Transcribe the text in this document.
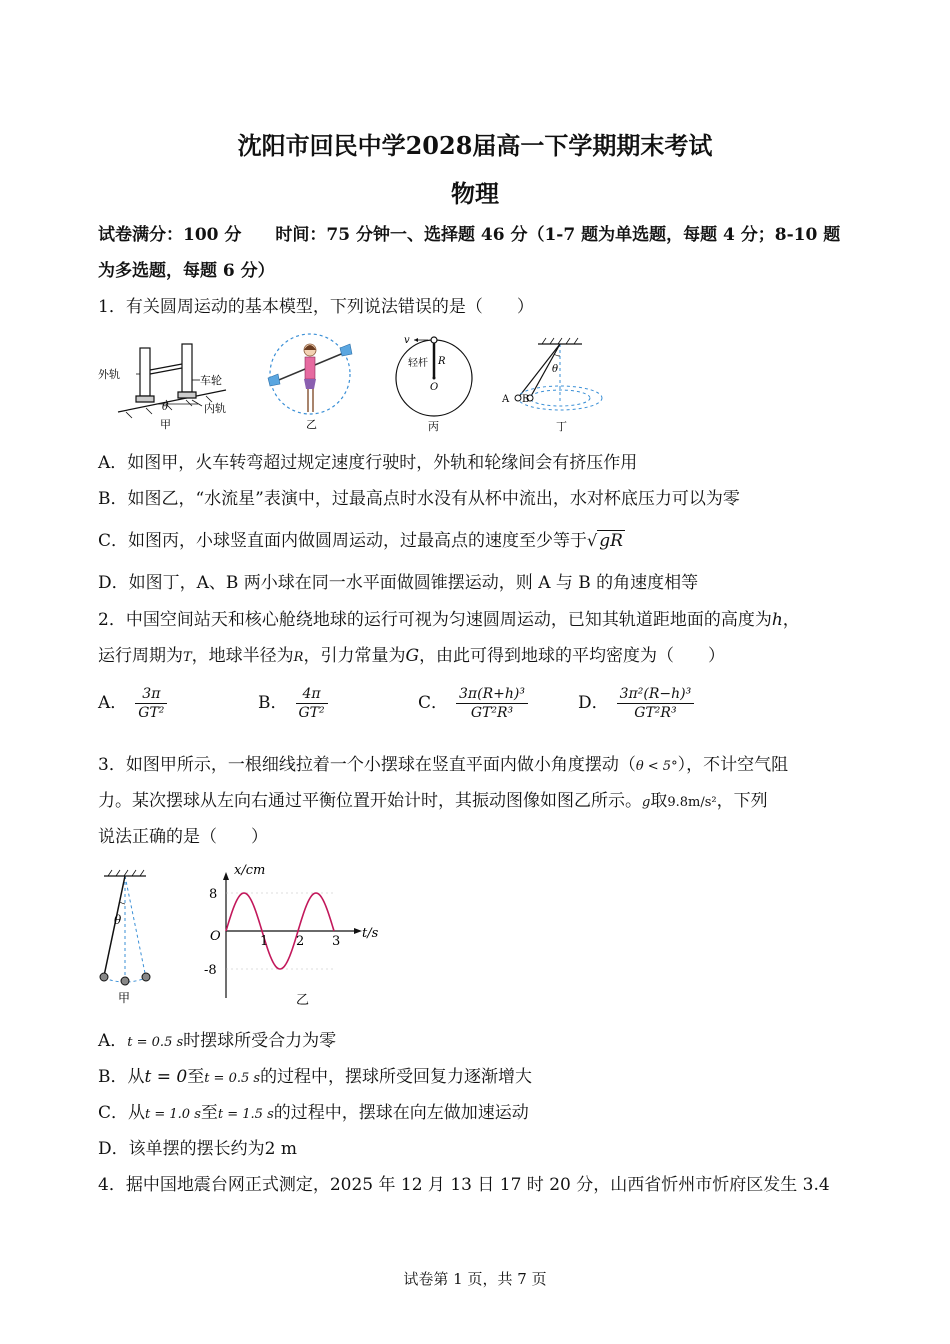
沈阳市回民中学2028届高一下学期期末考试
物理
试卷满分：100 分　　时间：75 分钟一、选择题 46 分（1-7 题为单选题，每题 4 分；8-10 题
为多选题，每题 6 分）
1．有关圆周运动的基本模型，下列说法错误的是（　　）
外轨	车轮
内轨
θ
甲	乙
v
轻杆 R
O
丙
θ
A B
丁
A．如图甲，火车转弯超过规定速度行驶时，外轨和轮缘间会有挤压作用
B．如图乙，“水流星”表演中，过最高点时水没有从杯中流出，水对杯底压力可以为零
C．如图丙，小球竖直面内做圆周运动，过最高点的速度至少等于√ gR
D．如图丁，A、B 两小球在同一水平面做圆锥摆运动，则 A 与 B 的角速度相等
2．中国空间站天和核心舱绕地球的运行可视为匀速圆周运动，已知其轨道距地面的高度为h，
运行周期为T，地球半径为R，引力常量为G，由此可得到地球的平均密度为（　　）
A． $\frac{3\pi}{\text{GT²}}$	B． $\frac{4\pi}{\text{GT²}}$	C． $\frac{\text{3π(R+h)³}}{\text{GT²R³}}$	D． $\frac{\text{3π²(R−h)³}}{\text{GT²R³}}$
3．如图甲所示，一根细线拉着一个小摆球在竖直平面内做小角度摆动（θ < 5°），不计空气阻
力。某次摆球从左向右通过平衡位置开始计时，其振动图像如图乙所示。g取9.8m/s²，下列
说法正确的是（　　）
θ
甲
8
-8
1 2 3
x/cm
t/s
O
乙
A．t = 0.5 s时摆球所受合力为零
B．从t = 0至t = 0.5 s的过程中，摆球所受回复力逐渐增大
C．从t = 1.0 s至t = 1.5 s的过程中，摆球在向左做加速运动
D．该单摆的摆长约为2 m
4．据中国地震台网正式测定，2025 年 12 月 13 日 17 时 20 分，山西省忻州市忻府区发生 3.4
试卷第 1 页，共 7 页
